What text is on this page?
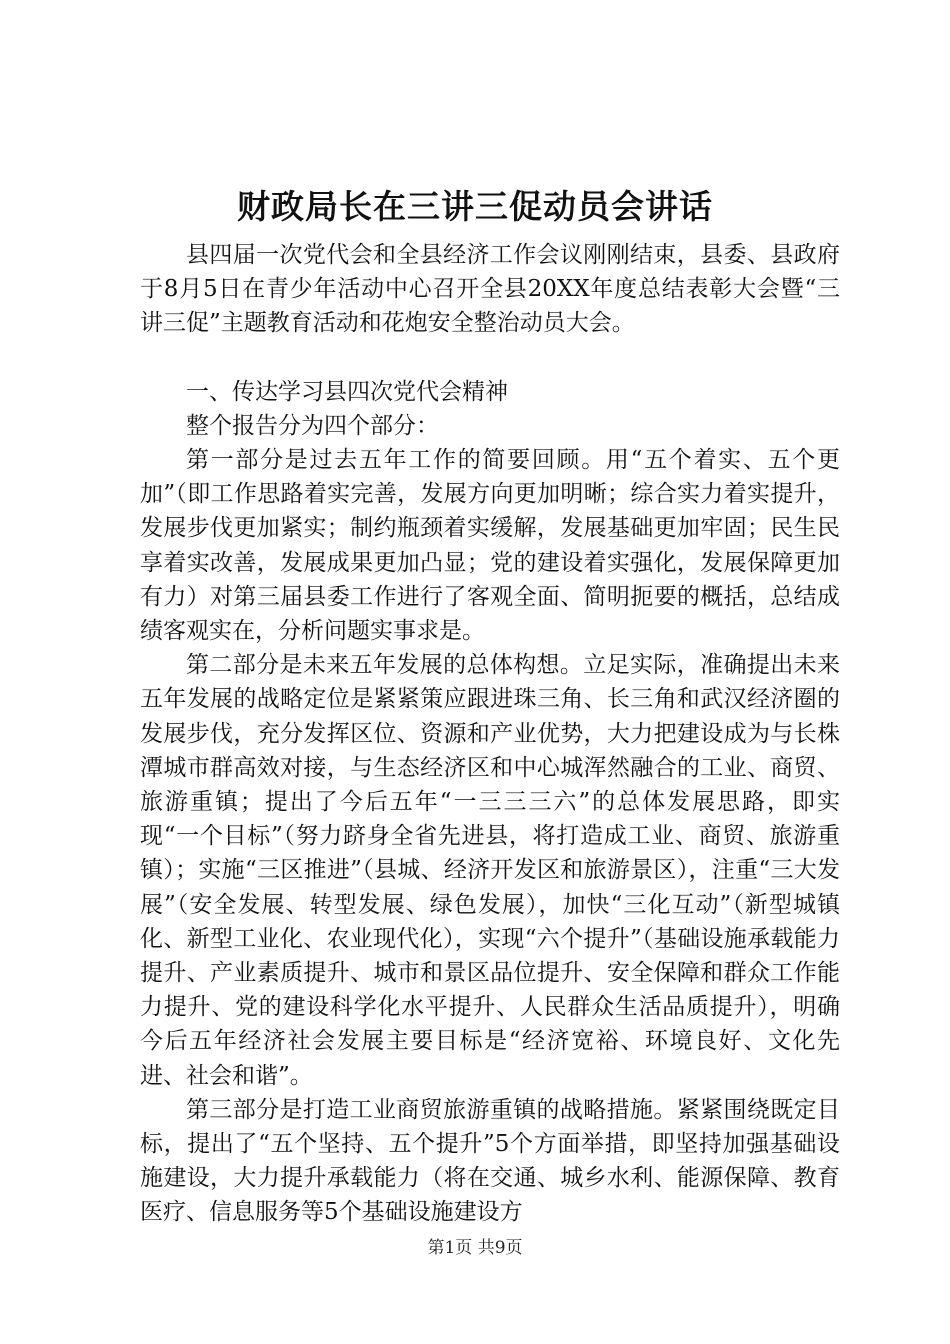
财政局长在三讲三促动员会讲话

县四届一次党代会和全县经济工作会议刚刚结束，县委、县政府于8月5日在青少年活动中心召开全县20XX年度总结表彰大会暨“三讲三促”主题教育活动和花炮安全整治动员大会。

一、传达学习县四次党代会精神

整个报告分为四个部分：

第一部分是过去五年工作的简要回顾。用“五个着实、五个更加”（即工作思路着实完善，发展方向更加明晰；综合实力着实提升，发展步伐更加紧实；制约瓶颈着实缓解，发展基础更加牢固；民生民享着实改善，发展成果更加凸显；党的建设着实强化，发展保障更加有力）对第三届县委工作进行了客观全面、简明扼要的概括，总结成绩客观实在，分析问题实事求是。

第二部分是未来五年发展的总体构想。立足实际，准确提出未来五年发展的战略定位是紧紧策应跟进珠三角、长三角和武汉经济圈的发展步伐，充分发挥区位、资源和产业优势，大力把建设成为与长株潭城市群高效对接，与生态经济区和中心城浑然融合的工业、商贸、旅游重镇；提出了今后五年“一三三三六”的总体发展思路，即实现“一个目标”（努力跻身全省先进县，将打造成工业、商贸、旅游重镇）；实施“三区推进”（县城、经济开发区和旅游景区），注重“三大发展”（安全发展、转型发展、绿色发展），加快“三化互动”（新型城镇化、新型工业化、农业现代化），实现“六个提升”（基础设施承载能力提升、产业素质提升、城市和景区品位提升、安全保障和群众工作能力提升、党的建设科学化水平提升、人民群众生活品质提升），明确今后五年经济社会发展主要目标是“经济宽裕、环境良好、文化先进、社会和谐”。

第三部分是打造工业商贸旅游重镇的战略措施。紧紧围绕既定目标，提出了“五个坚持、五个提升”5个方面举措，即坚持加强基础设施建设，大力提升承载能力（将在交通、城乡水利、能源保障、教育医疗、信息服务等5个基础设施建设方

第1页 共9页
